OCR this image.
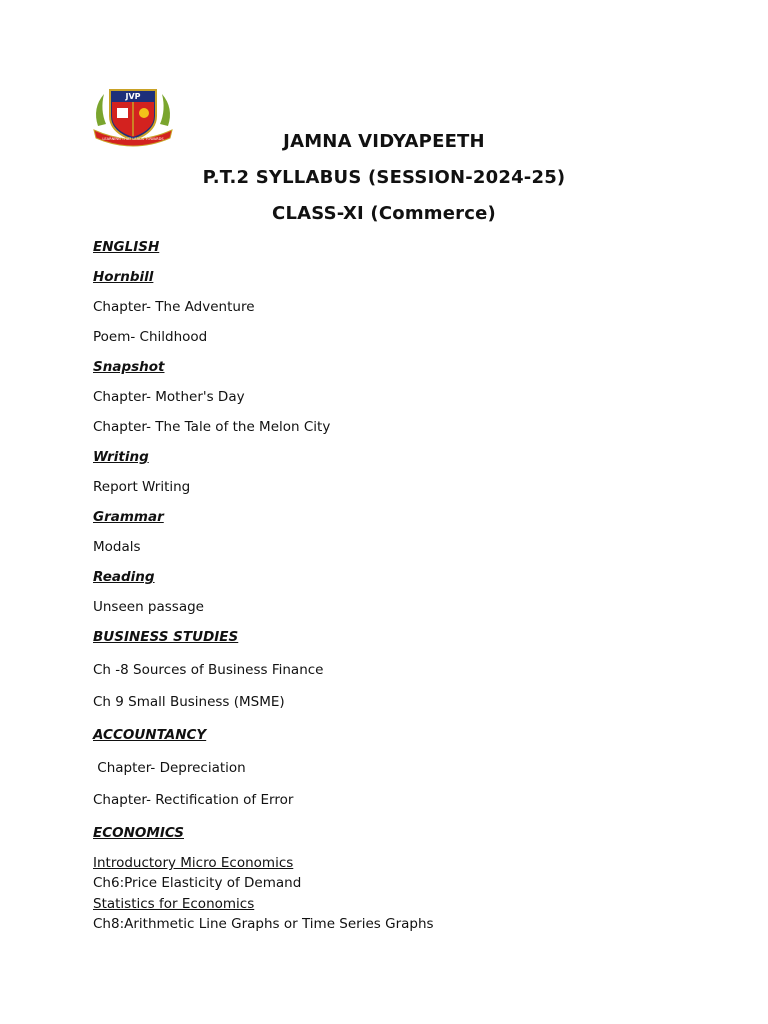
JVP
LEARNING THAT LEADS TOWARDS	JAMNA VIDYAPEETH
P.T.2 SYLLABUS (SESSION-2024-25)
CLASS-XI (Commerce)
ENGLISH
Hornbill
Chapter- The Adventure
Poem- Childhood
Snapshot
Chapter- Mother's Day
Chapter- The Tale of the Melon City
Writing
Report Writing
Grammar
Modals
Reading
Unseen passage
BUSINESS STUDIES
Ch -8 Sources of Business Finance
Ch 9 Small Business (MSME)
ACCOUNTANCY
Chapter- Depreciation
Chapter- Rectification of Error
ECONOMICS
Introductory Micro Economics
Ch6:Price Elasticity of Demand
Statistics for Economics
Ch8:Arithmetic Line Graphs or Time Series Graphs
